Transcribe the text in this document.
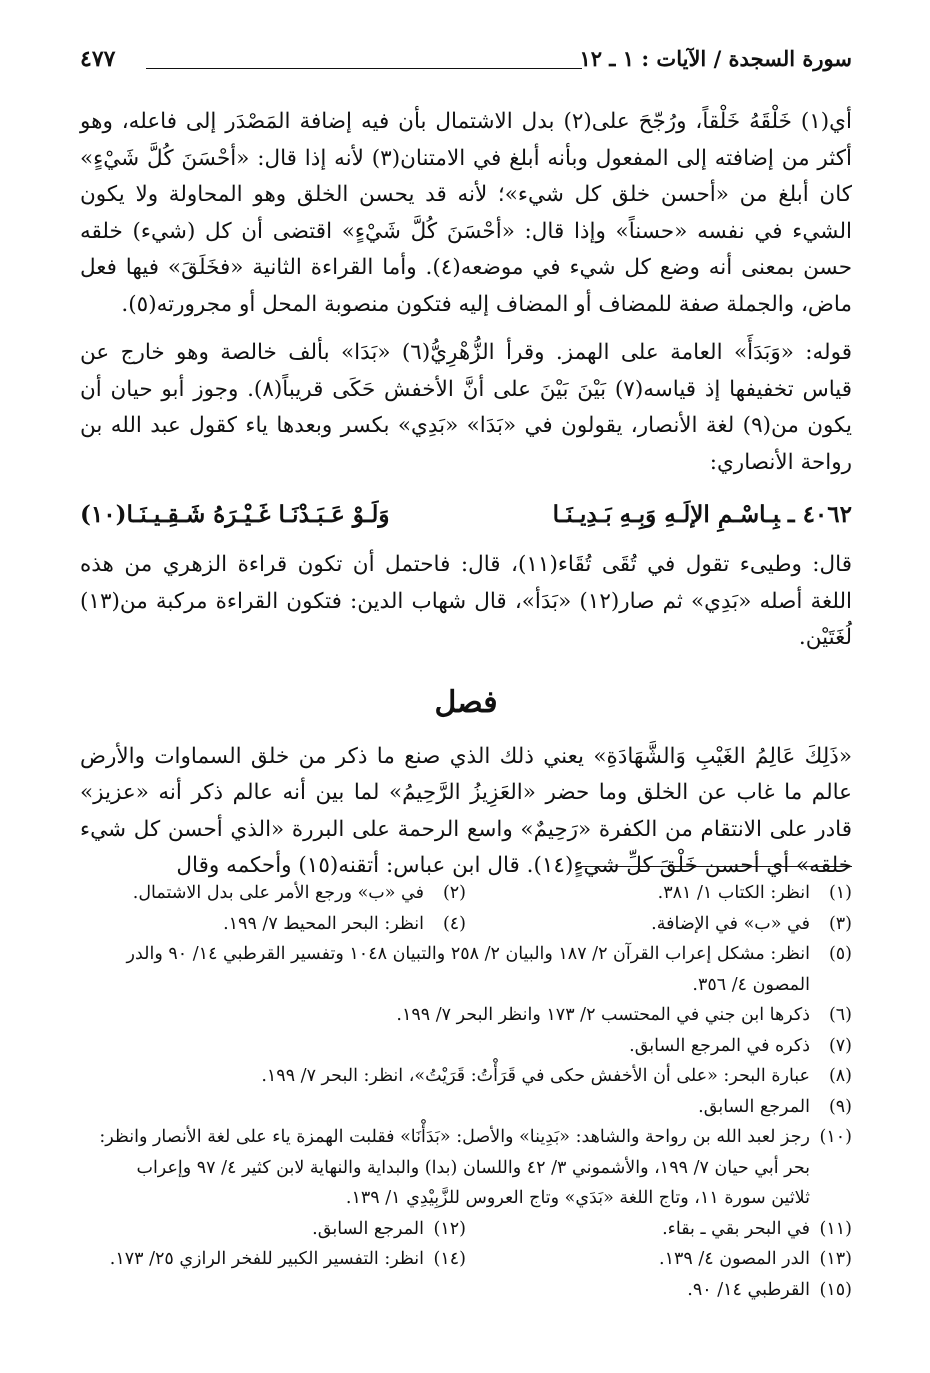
سورة السجدة / الآيات : ١ ـ ١٢
٤٧٧

أي(١) خَلْقَهُ خَلْقاً، ورُجّحَ على(٢) بدل الاشتمال بأن فيه إضافة المَصْدَر إلى فاعله، وهو أكثر من إضافته إلى المفعول وبأنه أبلغ في الامتنان(٣) لأنه إذا قال: «أحْسَنَ كُلَّ شَيْءٍ» كان أبلغ من «أحسن خلق كل شيء»؛ لأنه قد يحسن الخلق وهو المحاولة ولا يكون الشيء في نفسه «حسناً» وإذا قال: «أحْسَنَ كُلَّ شَيْءٍ» اقتضى أن كل (شيء) خلقه حسن بمعنى أنه وضع كل شيء في موضعه(٤). وأما القراءة الثانية «فخَلَقَ» فيها فعل ماض، والجملة صفة للمضاف أو المضاف إليه فتكون منصوبة المحل أو مجرورته(٥).

قوله: «وَبَدَأَ» العامة على الهمز. وقرأ الزُّهْرِيُّ(٦) «بَدَا» بألف خالصة وهو خارج عن قياس تخفيفها إذ قياسه(٧) بَيْنَ بَيْنَ على أنَّ الأخفش حَكَى قريباً(٨). وجوز أبو حيان أن يكون من(٩) لغة الأنصار، يقولون في «بَدَا» «بَدِي» بكسر وبعدها ياء كقول عبد الله بن رواحة الأنصاري:

٤٠٦٢ ـبِـاسْـمِ الإلَـهِ وَبِـهِ بَـدِيـنَـا
وَلَـوْ عَـبَـدْنَـا غَـيْـرَهُ شَـقِـيـنَـا(١٠)

قال: وطيىء تقول في تُقَى تُقَاء(١١)، قال: فاحتمل أن تكون قراءة الزهري من هذه اللغة أصله «بَدِي» ثم صار(١٢) «بَدَأ»، قال شهاب الدين: فتكون القراءة مركبة من(١٣) لُغَتَيْن.

فصل

«ذَلِكَ عَالِمُ الغَيْبِ وَالشَّهَادَةِ» يعني ذلك الذي صنع ما ذكر من خلق السماوات والأرض عالم ما غاب عن الخلق وما حضر «العَزِيزُ الرَّحِيمُ» لما بين أنه عالم ذكر أنه «عزيز» قادر على الانتقام من الكفرة «رَحِيمٌ» واسع الرحمة على البررة «الذي أحسن كل شيء خلقه» أي أحسن خَلْقَ كلِّ شيءٍ(١٤). قال ابن عباس: أتقنه(١٥) وأحكمه وقال

(١)انظر: الكتاب ١/ ٣٨١.
(٢)في «ب» ورجع الأمر على بدل الاشتمال.
(٣)في «ب» في الإضافة.
(٤)انظر: البحر المحيط ٧/ ١٩٩.
(٥)انظر: مشكل إعراب القرآن ٢/ ١٨٧ والبيان ٢/ ٢٥٨ والتبيان ١٠٤٨ وتفسير القرطبي ١٤/ ٩٠ والدر
المصون ٤/ ٣٥٦.
(٦)ذكرها ابن جني في المحتسب ٢/ ١٧٣ وانظر البحر ٧/ ١٩٩.
(٧)ذكره في المرجع السابق.
(٨)عبارة البحر: «على أن الأخفش حكى في قَرَأْتُ: قَرَيْتُ»، انظر: البحر ٧/ ١٩٩.
(٩)المرجع السابق.
(١٠)رجز لعبد الله بن رواحة والشاهد: «بَدِينا» والأصل: «بَدَأْنَا» فقلبت الهمزة ياء على لغة الأنصار وانظر:
بحر أبي حيان ٧/ ١٩٩، والأشموني ٣/ ٤٢ واللسان (بدا) والبداية والنهاية لابن كثير ٤/ ٩٧ وإعراب
ثلاثين سورة ١١، وتاج اللغة «بَدَي» وتاج العروس للزَّبِيْدِي ١/ ١٣٩.
(١١)في البحر بقي ـ بقاء.
(١٢)المرجع السابق.
(١٣)الدر المصون ٤/ ١٣٩.
(١٤)انظر: التفسير الكبير للفخر الرازي ٢٥/ ١٧٣.
(١٥)القرطبي ١٤/ ٩٠.
